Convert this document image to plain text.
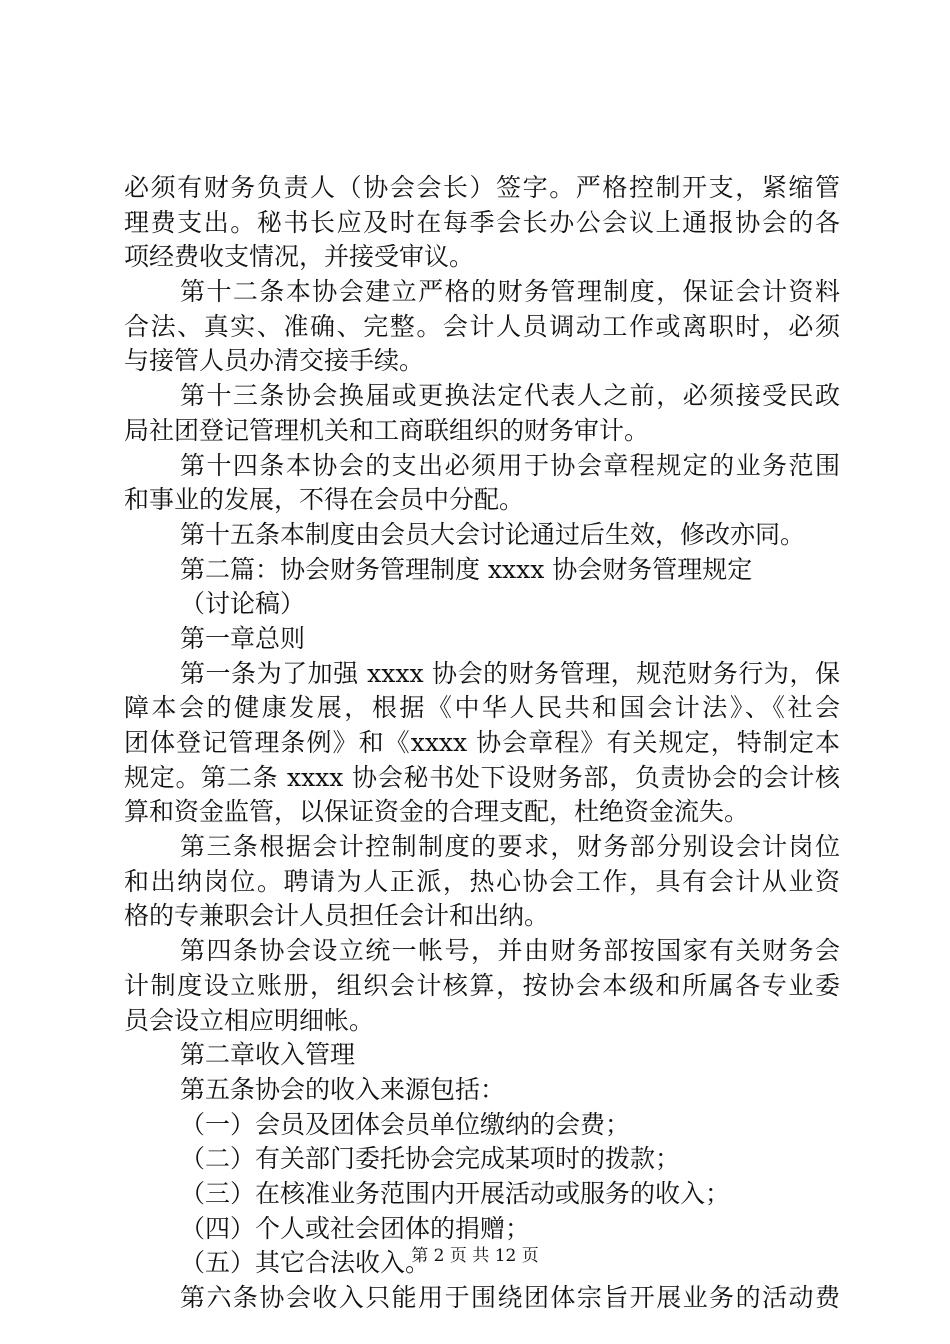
必须有财务负责人（协会会长）签字。严格控制开支，紧缩管
理费支出。秘书长应及时在每季会长办公会议上通报协会的各
项经费收支情况，并接受审议。
第十二条本协会建立严格的财务管理制度，保证会计资料
合法、真实、准确、完整。会计人员调动工作或离职时，必须
与接管人员办清交接手续。
第十三条协会换届或更换法定代表人之前，必须接受民政
局社团登记管理机关和工商联组织的财务审计。
第十四条本协会的支出必须用于协会章程规定的业务范围
和事业的发展，不得在会员中分配。
第十五条本制度由会员大会讨论通过后生效，修改亦同。
第二篇：协会财务管理制度 xxxx 协会财务管理规定
（讨论稿）
第一章总则
第一条为了加强 xxxx 协会的财务管理，规范财务行为，保
障本会的健康发展，根据《中华人民共和国会计法》、《社会
团体登记管理条例》和《xxxx 协会章程》有关规定，特制定本
规定。第二条 xxxx 协会秘书处下设财务部，负责协会的会计核
算和资金监管，以保证资金的合理支配，杜绝资金流失。
第三条根据会计控制制度的要求，财务部分别设会计岗位
和出纳岗位。聘请为人正派，热心协会工作，具有会计从业资
格的专兼职会计人员担任会计和出纳。
第四条协会设立统一帐号，并由财务部按国家有关财务会
计制度设立账册，组织会计核算，按协会本级和所属各专业委
员会设立相应明细帐。
第二章收入管理
第五条协会的收入来源包括：
（一）会员及团体会员单位缴纳的会费；
（二）有关部门委托协会完成某项时的拨款；
（三）在核准业务范围内开展活动或服务的收入；
（四）个人或社会团体的捐赠；
（五）其它合法收入。
第六条协会收入只能用于围绕团体宗旨开展业务的活动费
第 2 页 共 12 页
